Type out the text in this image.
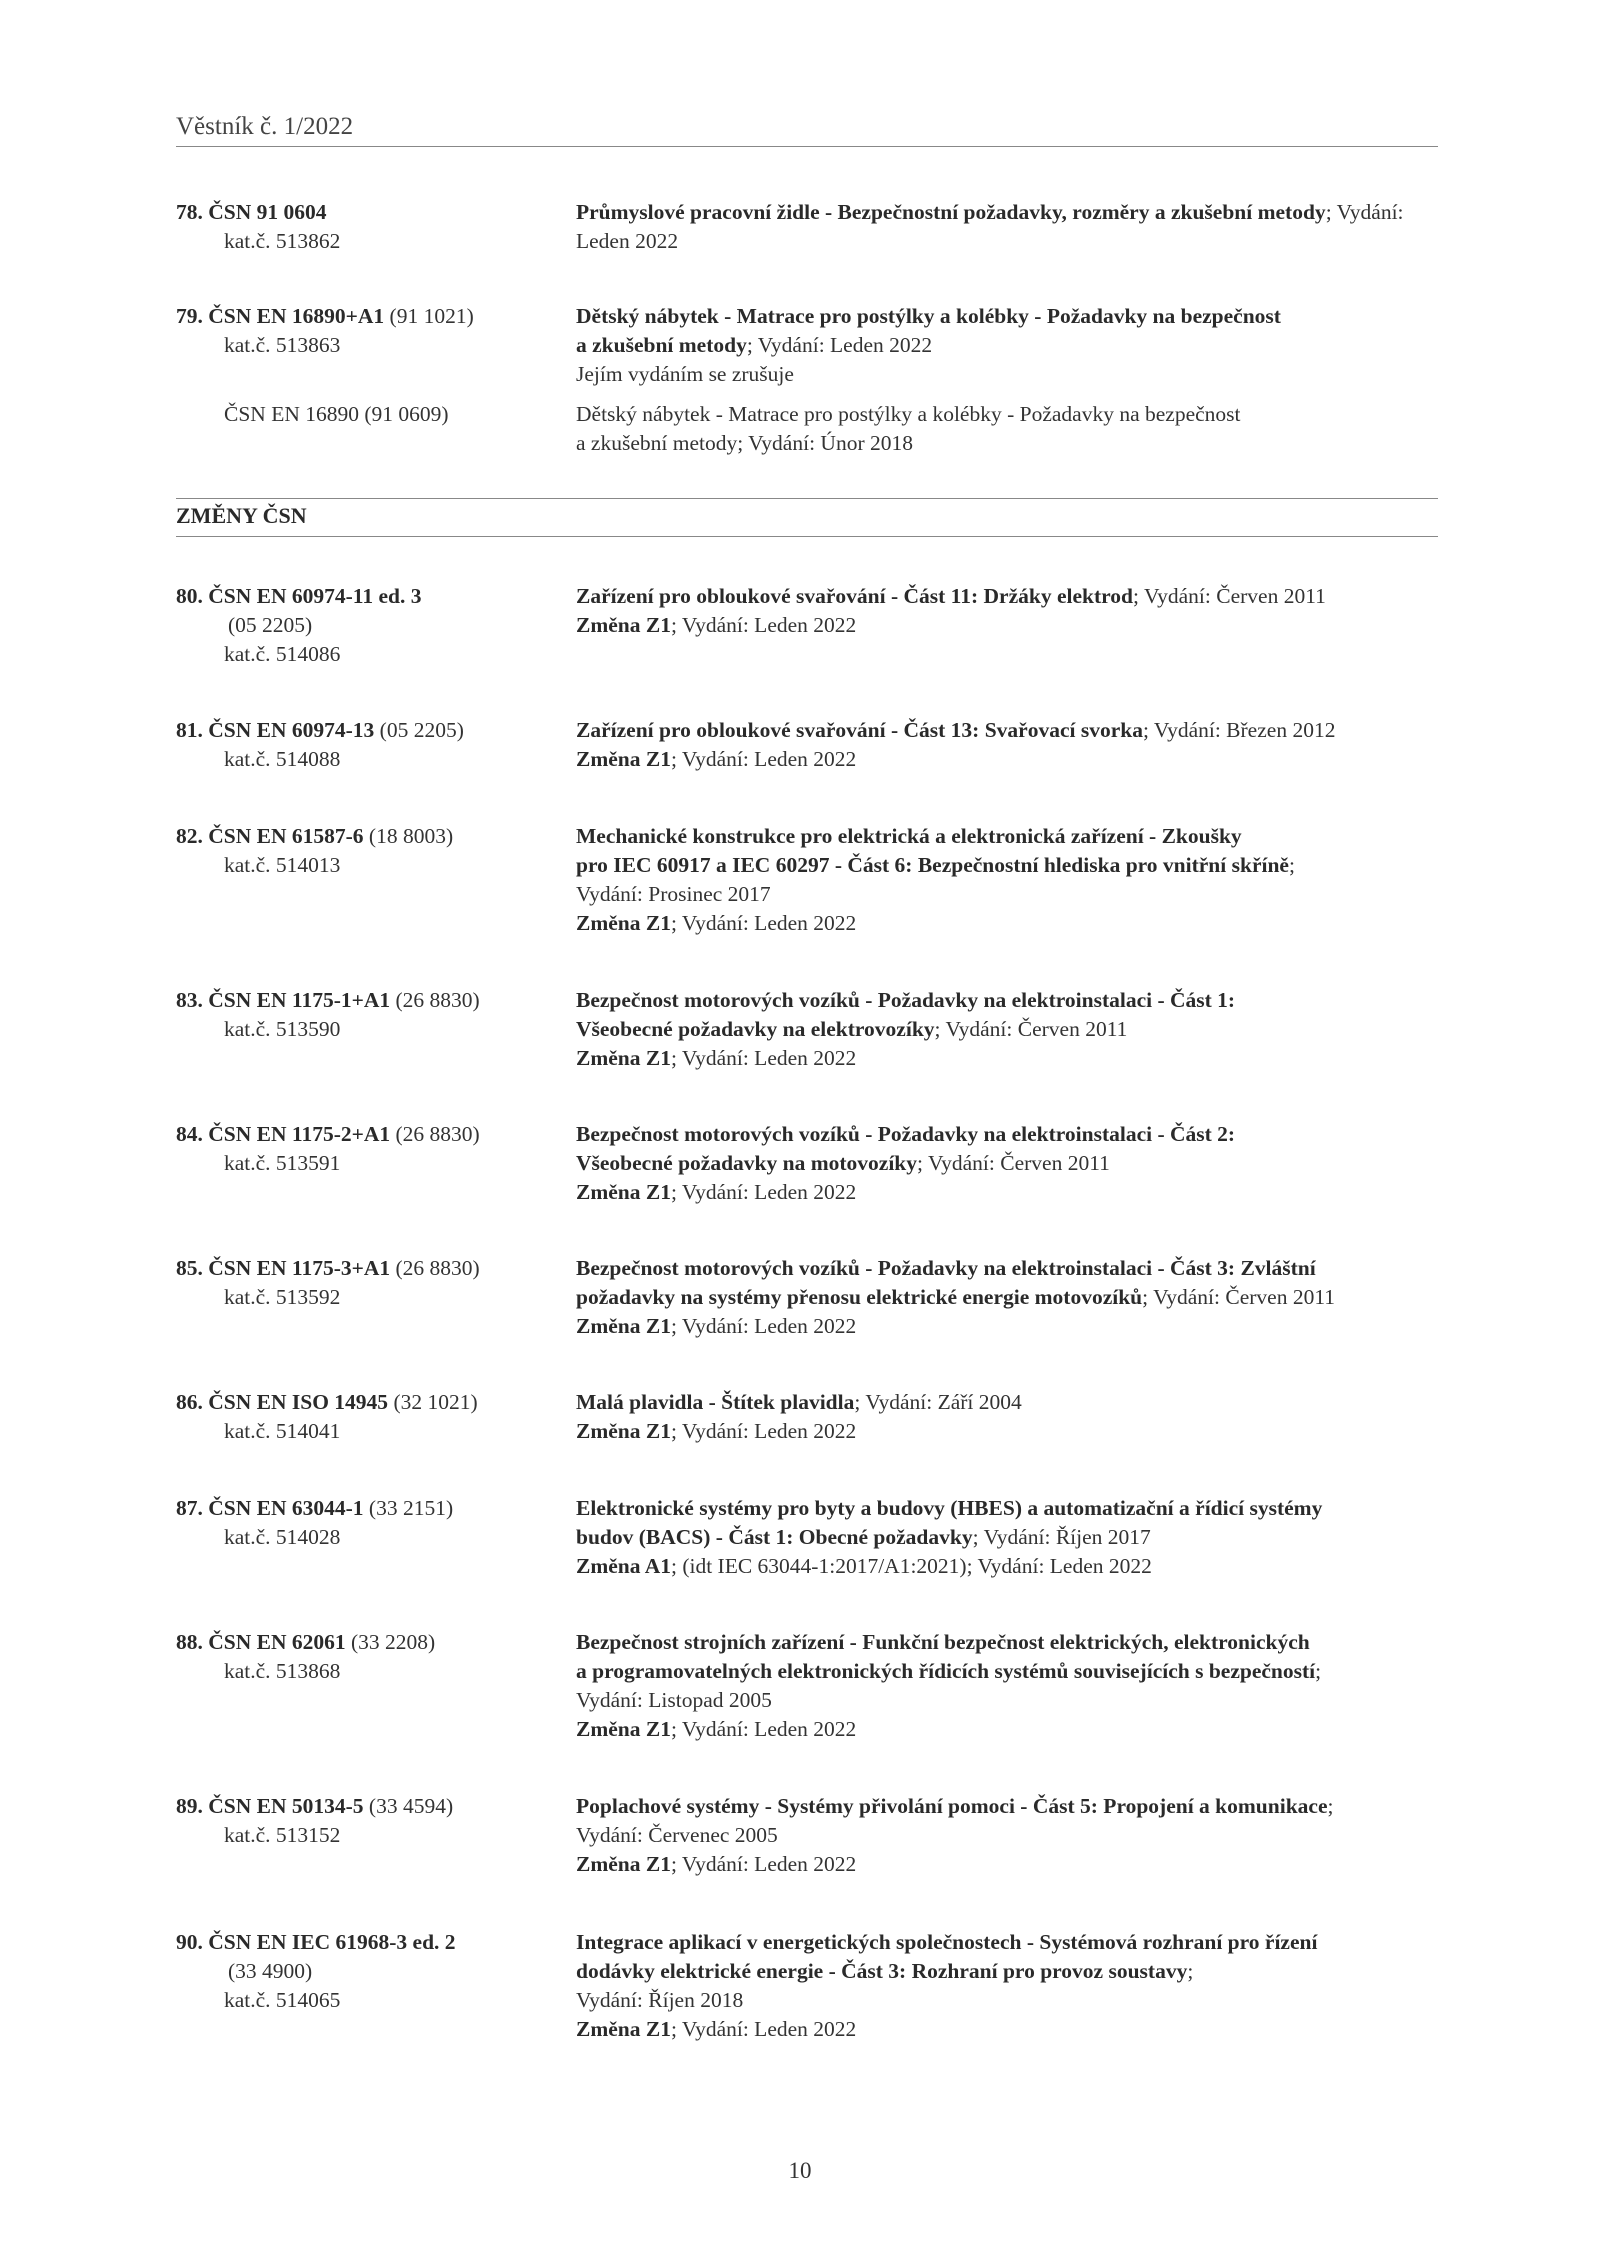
Věstník č. 1/2022
78. ČSN 91 0604
kat.č. 513862
Průmyslové pracovní židle - Bezpečnostní požadavky, rozměry a zkušební metody; Vydání: Leden 2022
79. ČSN EN 16890+A1 (91 1021)
kat.č. 513863
Dětský nábytek - Matrace pro postýlky a kolébky - Požadavky na bezpečnost
a zkušební metody; Vydání: Leden 2022
Jejím vydáním se zrušuje
ČSN EN 16890 (91 0609)	Dětský nábytek - Matrace pro postýlky a kolébky - Požadavky na bezpečnost
a zkušební metody; Vydání: Únor 2018
ZMĚNY ČSN
80. ČSN EN 60974-11 ed. 3
(05 2205)
kat.č. 514086
Zařízení pro obloukové svařování - Část 11: Držáky elektrod; Vydání: Červen 2011
Změna Z1; Vydání: Leden 2022
81. ČSN EN 60974-13 (05 2205)
kat.č. 514088
Zařízení pro obloukové svařování - Část 13: Svařovací svorka; Vydání: Březen 2012
Změna Z1; Vydání: Leden 2022
82. ČSN EN 61587-6 (18 8003)
kat.č. 514013
Mechanické konstrukce pro elektrická a elektronická zařízení - Zkoušky
pro IEC 60917 a IEC 60297 - Část 6: Bezpečnostní hlediska pro vnitřní skříně;
Vydání: Prosinec 2017
Změna Z1; Vydání: Leden 2022
83. ČSN EN 1175-1+A1 (26 8830)
kat.č. 513590
Bezpečnost motorových vozíků - Požadavky na elektroinstalaci - Část 1:
Všeobecné požadavky na elektrovozíky; Vydání: Červen 2011
Změna Z1; Vydání: Leden 2022
84. ČSN EN 1175-2+A1 (26 8830)
kat.č. 513591
Bezpečnost motorových vozíků - Požadavky na elektroinstalaci - Část 2:
Všeobecné požadavky na motovozíky; Vydání: Červen 2011
Změna Z1; Vydání: Leden 2022
85. ČSN EN 1175-3+A1 (26 8830)
kat.č. 513592
Bezpečnost motorových vozíků - Požadavky na elektroinstalaci - Část 3: Zvláštní
požadavky na systémy přenosu elektrické energie motovozíků; Vydání: Červen 2011
Změna Z1; Vydání: Leden 2022
86. ČSN EN ISO 14945 (32 1021)
kat.č. 514041
Malá plavidla - Štítek plavidla; Vydání: Září 2004
Změna Z1; Vydání: Leden 2022
87. ČSN EN 63044-1 (33 2151)
kat.č. 514028
Elektronické systémy pro byty a budovy (HBES) a automatizační a řídicí systémy
budov (BACS) - Část 1: Obecné požadavky; Vydání: Říjen 2017
Změna A1; (idt IEC 63044-1:2017/A1:2021); Vydání: Leden 2022
88. ČSN EN 62061 (33 2208)
kat.č. 513868
Bezpečnost strojních zařízení - Funkční bezpečnost elektrických, elektronických
a programovatelných elektronických řídicích systémů souvisejících s bezpečností;
Vydání: Listopad 2005
Změna Z1; Vydání: Leden 2022
89. ČSN EN 50134-5 (33 4594)
kat.č. 513152
Poplachové systémy - Systémy přivolání pomoci - Část 5: Propojení a komunikace;
Vydání: Červenec 2005
Změna Z1; Vydání: Leden 2022
90. ČSN EN IEC 61968-3 ed. 2
(33 4900)
kat.č. 514065
Integrace aplikací v energetických společnostech - Systémová rozhraní pro řízení
dodávky elektrické energie - Část 3: Rozhraní pro provoz soustavy;
Vydání: Říjen 2018
Změna Z1; Vydání: Leden 2022
10
